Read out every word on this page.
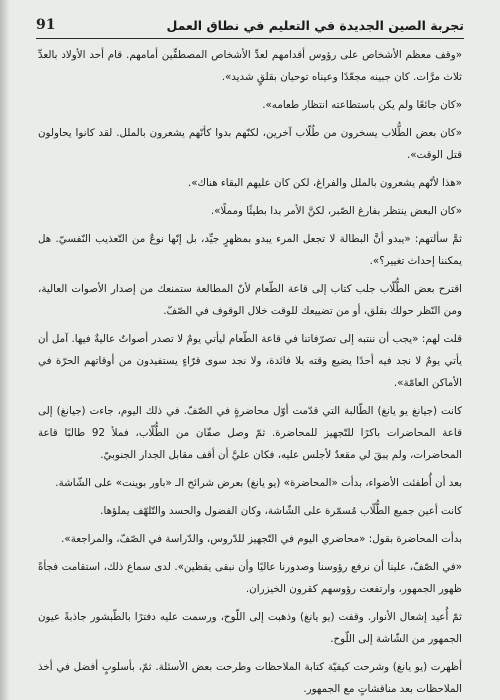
91	تجربة الصين الجديدة في التعليم في نطاق العمل

«وقف معظم الأشخاص على رؤوس أقدامهم لعدِّ الأشخاص المصطفِّين أمامهم. قام أحد الأولاد بالعدِّ ثلاث مرَّات. كان جبينه مجعّدًا وعيناه توحيان بقلقٍ شديد».

«كان جائعًا ولم يكن باستطاعته انتظار طعامه».

«كان بعض الطُّلاب يسخرون من طُلّاب آخرين، لكنّهم بدوا كأنّهم يشعرون بالملل. لقد كانوا يحاولون قتل الوقت».

«هذا لأنّهم يشعرون بالملل والفراغ، لكن كان عليهم البقاء هناك».

«كان البعض ينتظر بفارغ الصّبر، لكنَّ الأمر بدا بطيئًا ومملًا».

ثمَّ سألتهم: «يبدو أنَّ البطالة لا تجعل المرء يبدو بمظهرٍ جيِّد، بل إنّها نوعٌ من التّعذيب النّفسيّ. هل يمكننا إحداث تغيير؟».

اقترح بعض الطُّلّاب جلب كتاب إلى قاعة الطّعام لأنّ المطالعة ستمنعك من إصدار الأصوات العالية، ومن النّظر حولك بقلق، أو من تضييعك للوقت خلال الوقوف في الصّفّ.

قلت لهم: «يجب أن ننتبه إلى تصرّفاتنا في قاعة الطّعام ليأتي يومٌ لا تصدر أصواتٌ عاليةٌ فيها. آمل أن يأتي يومٌ لا نجد فيه أحدًا يضيع وقته بلا فائدة، ولا نجد سوى قرّاءٍ يستفيدون من أوقاتهم الحرّة في الأماكن العامّة».

كانت (جيانغ يو يانغ) الطّالبة التي قدّمت أوّل محاضرةٍ في الصّفّ. في ذلك اليوم، جاءت (جيانغ) إلى قاعة المحاضرات باكرًا للتّجهيز للمحاضرة. ثمّ وصل صفّان من الطُّلّاب، فملأ 92 طالبًا قاعة المحاضرات، ولم يبقَ لي مقعدٌ لأجلس عليه، فكان عليَّ أن أقف مقابل الجدار الجنوبيّ.

بعد أن أُطفئت الأضواء، بدأت «المحاضرة» (يو يانغ) بعرض شرائح الـ «باور بوينت» على الشّاشة.

كانت أعين جميع الطُّلّاب مُسمّرة على الشّاشة، وكان الفضول والحسد والتّلهّف يملؤها.

بدأت المحاضرة بقول: «محاضري اليوم في التّجهيز للدّروس، والدّراسة في الصّفّ، والمراجعة».

«في الصّفّ، علينا أن نرفع رؤوسنا وصدورنا عاليًا وأن نبقى يقظين». لدى سماع ذلك، استقامت فجأةً ظهور الجمهور، وارتفعت رؤوسهم كقرون الخيزران.

ثمّ أُعيد إشعال الأنوار. وقفت (يو يانغ) وذهبت إلى اللّوح، ورسمت عليه دفترًا بالطّبشور جاذبةً عيون الجمهور من الشّاشة إلى اللّوح.

أظهرت (يو يانغ) وشرحت كيفيّة كتابة الملاحظات وطرحت بعض الأسئلة. ثمّ، بأسلوبٍ أفضل في أخذ الملاحظات بعد مناقشاتٍ مع الجمهور.
